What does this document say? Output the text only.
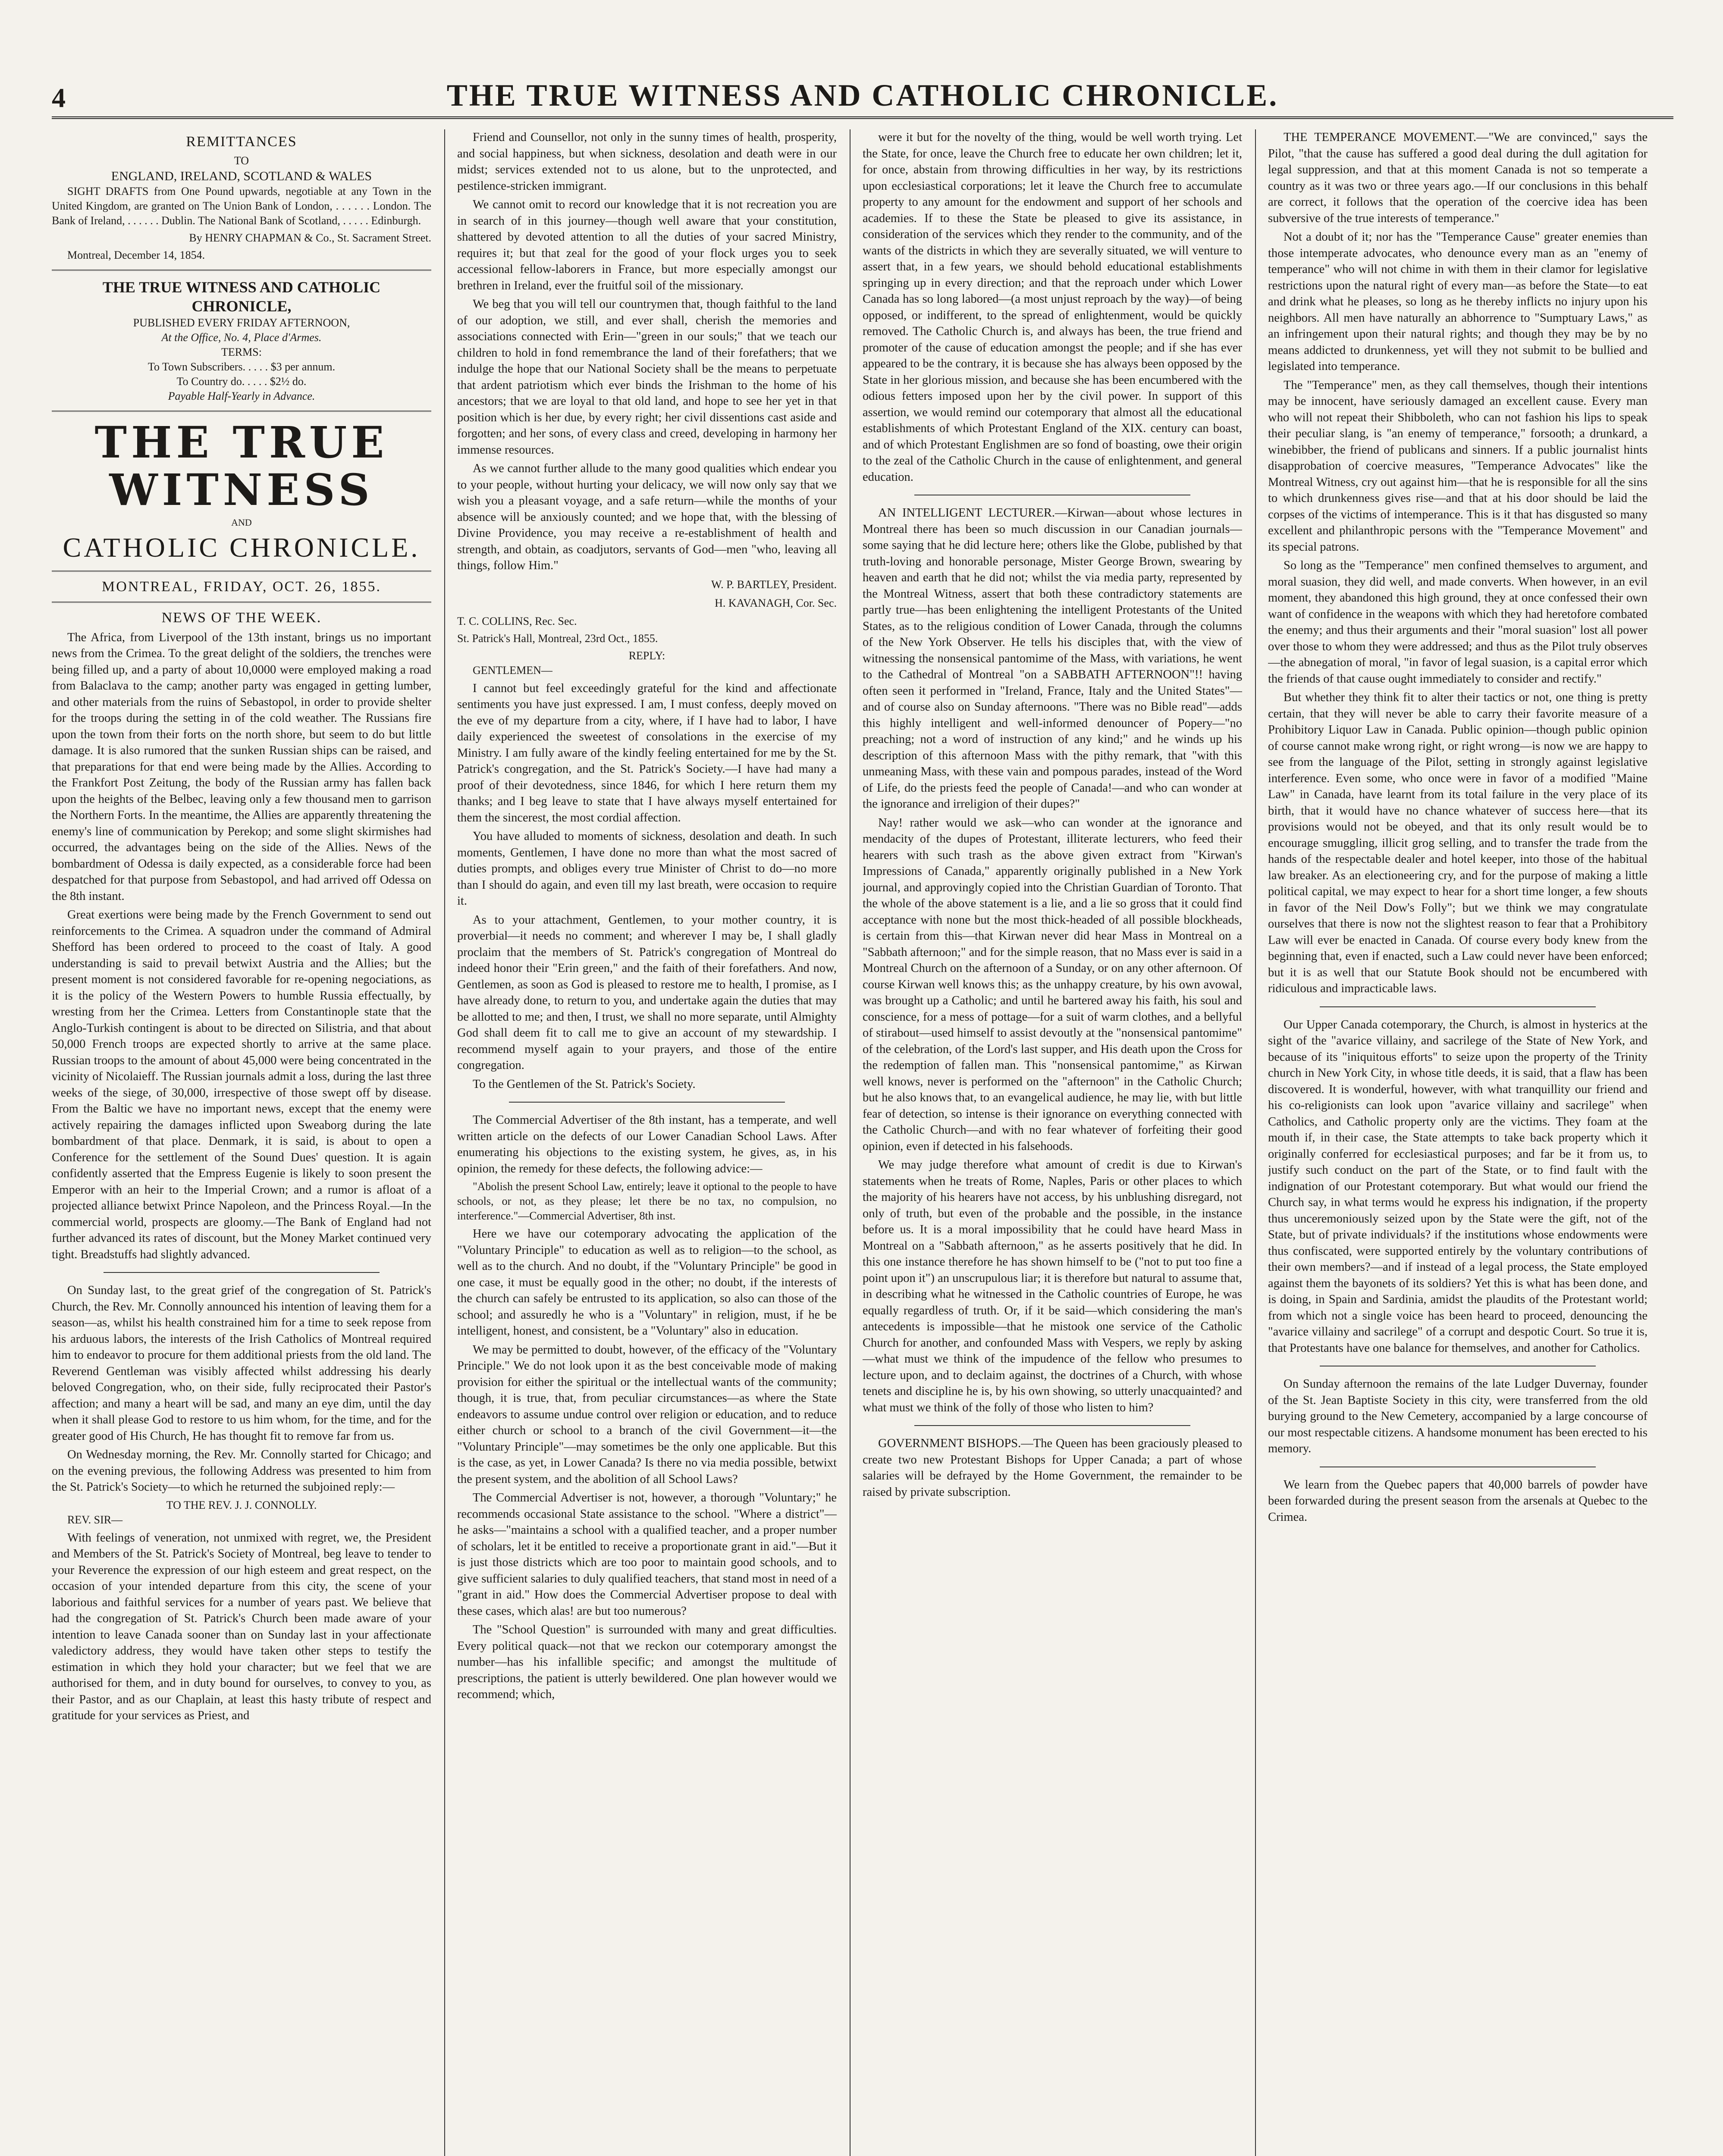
4	THE TRUE WITNESS AND CATHOLIC CHRONICLE.
REMITTANCES
TO
ENGLAND, IRELAND, SCOTLAND & WALES

SIGHT DRAFTS from One Pound upwards, negotiable at any Town in the United Kingdom, are granted on The Union Bank of London, . . . . . . London. The Bank of Ireland, . . . . . . Dublin. The National Bank of Scotland, . . . . . Edinburgh.

By HENRY CHAPMAN & Co., St. Sacrament Street.

Montreal, December 14, 1854.

THE TRUE WITNESS AND CATHOLIC CHRONICLE,
PUBLISHED EVERY FRIDAY AFTERNOON,
At the Office, No. 4, Place d'Armes.
TERMS:
To Town Subscribers. . . . . $3 per annum.
To Country do. . . . . $2½ do.
Payable Half-Yearly in Advance.
THE TRUE WITNESS
AND
CATHOLIC CHRONICLE.
MONTREAL, FRIDAY, OCT. 26, 1855.
NEWS OF THE WEEK.

The Africa, from Liverpool of the 13th instant, brings us no important news from the Crimea. To the great delight of the soldiers, the trenches were being filled up, and a party of about 10,0000 were employed making a road from Balaclava to the camp; another party was engaged in getting lumber, and other materials from the ruins of Sebastopol, in order to provide shelter for the troops during the setting in of the cold weather. The Russians fire upon the town from their forts on the north shore, but seem to do but little damage. It is also rumored that the sunken Russian ships can be raised, and that preparations for that end were being made by the Allies. According to the Frankfort Post Zeitung, the body of the Russian army has fallen back upon the heights of the Belbec, leaving only a few thousand men to garrison the Northern Forts. In the meantime, the Allies are apparently threatening the enemy's line of communication by Perekop; and some slight skirmishes had occurred, the advantages being on the side of the Allies. News of the bombardment of Odessa is daily expected, as a considerable force had been despatched for that purpose from Sebastopol, and had arrived off Odessa on the 8th instant.

Great exertions were being made by the French Government to send out reinforcements to the Crimea. A squadron under the command of Admiral Shefford has been ordered to proceed to the coast of Italy. A good understanding is said to prevail betwixt Austria and the Allies; but the present moment is not considered favorable for re-opening negociations, as it is the policy of the Western Powers to humble Russia effectually, by wresting from her the Crimea. Letters from Constantinople state that the Anglo-Turkish contingent is about to be directed on Silistria, and that about 50,000 French troops are expected shortly to arrive at the same place. Russian troops to the amount of about 45,000 were being concentrated in the vicinity of Nicolaieff. The Russian journals admit a loss, during the last three weeks of the siege, of 30,000, irrespective of those swept off by disease. From the Baltic we have no important news, except that the enemy were actively repairing the damages inflicted upon Sweaborg during the late bombardment of that place. Denmark, it is said, is about to open a Conference for the settlement of the Sound Dues' question. It is again confidently asserted that the Empress Eugenie is likely to soon present the Emperor with an heir to the Imperial Crown; and a rumor is afloat of a projected alliance betwixt Prince Napoleon, and the Princess Royal.—In the commercial world, prospects are gloomy.—The Bank of England had not further advanced its rates of discount, but the Money Market continued very tight. Breadstuffs had slightly advanced.

On Sunday last, to the great grief of the congregation of St. Patrick's Church, the Rev. Mr. Connolly announced his intention of leaving them for a season—as, whilst his health constrained him for a time to seek repose from his arduous labors, the interests of the Irish Catholics of Montreal required him to endeavor to procure for them additional priests from the old land. The Reverend Gentleman was visibly affected whilst addressing his dearly beloved Congregation, who, on their side, fully reciprocated their Pastor's affection; and many a heart will be sad, and many an eye dim, until the day when it shall please God to restore to us him whom, for the time, and for the greater good of His Church, He has thought fit to remove far from us.

On Wednesday morning, the Rev. Mr. Connolly started for Chicago; and on the evening previous, the following Address was presented to him from the St. Patrick's Society—to which he returned the subjoined reply:—

TO THE REV. J. J. CONNOLLY.

REV. SIR—

With feelings of veneration, not unmixed with regret, we, the President and Members of the St. Patrick's Society of Montreal, beg leave to tender to your Reverence the expression of our high esteem and great respect, on the occasion of your intended departure from this city, the scene of your laborious and faithful services for a number of years past. We believe that had the congregation of St. Patrick's Church been made aware of your intention to leave Canada sooner than on Sunday last in your affectionate valedictory address, they would have taken other steps to testify the estimation in which they hold your character; but we feel that we are authorised for them, and in duty bound for ourselves, to convey to you, as their Pastor, and as our Chaplain, at least this hasty tribute of respect and gratitude for your services as Priest, and

Friend and Counsellor, not only in the sunny times of health, prosperity, and social happiness, but when sickness, desolation and death were in our midst; services extended not to us alone, but to the unprotected, and pestilence-stricken immigrant.

We cannot omit to record our knowledge that it is not recreation you are in search of in this journey—though well aware that your constitution, shattered by devoted attention to all the duties of your sacred Ministry, requires it; but that zeal for the good of your flock urges you to seek accessional fellow-laborers in France, but more especially amongst our brethren in Ireland, ever the fruitful soil of the missionary.

We beg that you will tell our countrymen that, though faithful to the land of our adoption, we still, and ever shall, cherish the memories and associations connected with Erin—"green in our souls;" that we teach our children to hold in fond remembrance the land of their forefathers; that we indulge the hope that our National Society shall be the means to perpetuate that ardent patriotism which ever binds the Irishman to the home of his ancestors; that we are loyal to that old land, and hope to see her yet in that position which is her due, by every right; her civil dissentions cast aside and forgotten; and her sons, of every class and creed, developing in harmony her immense resources.

As we cannot further allude to the many good qualities which endear you to your people, without hurting your delicacy, we will now only say that we wish you a pleasant voyage, and a safe return—while the months of your absence will be anxiously counted; and we hope that, with the blessing of Divine Providence, you may receive a re-establishment of health and strength, and obtain, as coadjutors, servants of God—men "who, leaving all things, follow Him."

W. P. BARTLEY, President.

H. KAVANAGH, Cor. Sec.

T. C. COLLINS, Rec. Sec.

St. Patrick's Hall, Montreal, 23rd Oct., 1855.

REPLY:

GENTLEMEN—

I cannot but feel exceedingly grateful for the kind and affectionate sentiments you have just expressed. I am, I must confess, deeply moved on the eve of my departure from a city, where, if I have had to labor, I have daily experienced the sweetest of consolations in the exercise of my Ministry. I am fully aware of the kindly feeling entertained for me by the St. Patrick's congregation, and the St. Patrick's Society.—I have had many a proof of their devotedness, since 1846, for which I here return them my thanks; and I beg leave to state that I have always myself entertained for them the sincerest, the most cordial affection.

You have alluded to moments of sickness, desolation and death. In such moments, Gentlemen, I have done no more than what the most sacred of duties prompts, and obliges every true Minister of Christ to do—no more than I should do again, and even till my last breath, were occasion to require it.

As to your attachment, Gentlemen, to your mother country, it is proverbial—it needs no comment; and wherever I may be, I shall gladly proclaim that the members of St. Patrick's congregation of Montreal do indeed honor their "Erin green," and the faith of their forefathers. And now, Gentlemen, as soon as God is pleased to restore me to health, I promise, as I have already done, to return to you, and undertake again the duties that may be allotted to me; and then, I trust, we shall no more separate, until Almighty God shall deem fit to call me to give an account of my stewardship. I recommend myself again to your prayers, and those of the entire congregation.

To the Gentlemen of the St. Patrick's Society.

The Commercial Advertiser of the 8th instant, has a temperate, and well written article on the defects of our Lower Canadian School Laws. After enumerating his objections to the existing system, he gives, as, in his opinion, the remedy for these defects, the following advice:—

"Abolish the present School Law, entirely; leave it optional to the people to have schools, or not, as they please; let there be no tax, no compulsion, no interference."—Commercial Advertiser, 8th inst.

Here we have our cotemporary advocating the application of the "Voluntary Principle" to education as well as to religion—to the school, as well as to the church. And no doubt, if the "Voluntary Principle" be good in one case, it must be equally good in the other; no doubt, if the interests of the church can safely be entrusted to its application, so also can those of the school; and assuredly he who is a "Voluntary" in religion, must, if he be intelligent, honest, and consistent, be a "Voluntary" also in education.

We may be permitted to doubt, however, of the efficacy of the "Voluntary Principle." We do not look upon it as the best conceivable mode of making provision for either the spiritual or the intellectual wants of the community; though, it is true, that, from peculiar circumstances—as where the State endeavors to assume undue control over religion or education, and to reduce either church or school to a branch of the civil Government—it—the "Voluntary Principle"—may sometimes be the only one applicable. But this is the case, as yet, in Lower Canada? Is there no via media possible, betwixt the present system, and the abolition of all School Laws?

The Commercial Advertiser is not, however, a thorough "Voluntary;" he recommends occasional State assistance to the school. "Where a district"—he asks—"maintains a school with a qualified teacher, and a proper number of scholars, let it be entitled to receive a proportionate grant in aid."—But it is just those districts which are too poor to maintain good schools, and to give sufficient salaries to duly qualified teachers, that stand most in need of a "grant in aid." How does the Commercial Advertiser propose to deal with these cases, which alas! are but too numerous?

The "School Question" is surrounded with many and great difficulties. Every political quack—not that we reckon our cotemporary amongst the number—has his infallible specific; and amongst the multitude of prescriptions, the patient is utterly bewildered. One plan however would we recommend; which,

were it but for the novelty of the thing, would be well worth trying. Let the State, for once, leave the Church free to educate her own children; let it, for once, abstain from throwing difficulties in her way, by its restrictions upon ecclesiastical corporations; let it leave the Church free to accumulate property to any amount for the endowment and support of her schools and academies. If to these the State be pleased to give its assistance, in consideration of the services which they render to the community, and of the wants of the districts in which they are severally situated, we will venture to assert that, in a few years, we should behold educational establishments springing up in every direction; and that the reproach under which Lower Canada has so long labored—(a most unjust reproach by the way)—of being opposed, or indifferent, to the spread of enlightenment, would be quickly removed. The Catholic Church is, and always has been, the true friend and promoter of the cause of education amongst the people; and if she has ever appeared to be the contrary, it is because she has always been opposed by the State in her glorious mission, and because she has been encumbered with the odious fetters imposed upon her by the civil power. In support of this assertion, we would remind our cotemporary that almost all the educational establishments of which Protestant England of the XIX. century can boast, and of which Protestant Englishmen are so fond of boasting, owe their origin to the zeal of the Catholic Church in the cause of enlightenment, and general education.

AN INTELLIGENT LECTURER.—Kirwan—about whose lectures in Montreal there has been so much discussion in our Canadian journals—some saying that he did lecture here; others like the Globe, published by that truth-loving and honorable personage, Mister George Brown, swearing by heaven and earth that he did not; whilst the via media party, represented by the Montreal Witness, assert that both these contradictory statements are partly true—has been enlightening the intelligent Protestants of the United States, as to the religious condition of Lower Canada, through the columns of the New York Observer. He tells his disciples that, with the view of witnessing the nonsensical pantomime of the Mass, with variations, he went to the Cathedral of Montreal "on a SABBATH AFTERNOON"!! having often seen it performed in "Ireland, France, Italy and the United States"—and of course also on Sunday afternoons. "There was no Bible read"—adds this highly intelligent and well-informed denouncer of Popery—"no preaching; not a word of instruction of any kind;" and he winds up his description of this afternoon Mass with the pithy remark, that "with this unmeaning Mass, with these vain and pompous parades, instead of the Word of Life, do the priests feed the people of Canada!—and who can wonder at the ignorance and irreligion of their dupes?"

Nay! rather would we ask—who can wonder at the ignorance and mendacity of the dupes of Protestant, illiterate lecturers, who feed their hearers with such trash as the above given extract from "Kirwan's Impressions of Canada," apparently originally published in a New York journal, and approvingly copied into the Christian Guardian of Toronto. That the whole of the above statement is a lie, and a lie so gross that it could find acceptance with none but the most thick-headed of all possible blockheads, is certain from this—that Kirwan never did hear Mass in Montreal on a "Sabbath afternoon;" and for the simple reason, that no Mass ever is said in a Montreal Church on the afternoon of a Sunday, or on any other afternoon. Of course Kirwan well knows this; as the unhappy creature, by his own avowal, was brought up a Catholic; and until he bartered away his faith, his soul and conscience, for a mess of pottage—for a suit of warm clothes, and a bellyful of stirabout—used himself to assist devoutly at the "nonsensical pantomime" of the celebration, of the Lord's last supper, and His death upon the Cross for the redemption of fallen man. This "nonsensical pantomime," as Kirwan well knows, never is performed on the "afternoon" in the Catholic Church; but he also knows that, to an evangelical audience, he may lie, with but little fear of detection, so intense is their ignorance on everything connected with the Catholic Church—and with no fear whatever of forfeiting their good opinion, even if detected in his falsehoods.

We may judge therefore what amount of credit is due to Kirwan's statements when he treats of Rome, Naples, Paris or other places to which the majority of his hearers have not access, by his unblushing disregard, not only of truth, but even of the probable and the possible, in the instance before us. It is a moral impossibility that he could have heard Mass in Montreal on a "Sabbath afternoon," as he asserts positively that he did. In this one instance therefore he has shown himself to be ("not to put too fine a point upon it") an unscrupulous liar; it is therefore but natural to assume that, in describing what he witnessed in the Catholic countries of Europe, he was equally regardless of truth. Or, if it be said—which considering the man's antecedents is impossible—that he mistook one service of the Catholic Church for another, and confounded Mass with Vespers, we reply by asking—what must we think of the impudence of the fellow who presumes to lecture upon, and to declaim against, the doctrines of a Church, with whose tenets and discipline he is, by his own showing, so utterly unacquainted? and what must we think of the folly of those who listen to him?

GOVERNMENT BISHOPS.—The Queen has been graciously pleased to create two new Protestant Bishops for Upper Canada; a part of whose salaries will be defrayed by the Home Government, the remainder to be raised by private subscription.

THE TEMPERANCE MOVEMENT.—"We are convinced," says the Pilot, "that the cause has suffered a good deal during the dull agitation for legal suppression, and that at this moment Canada is not so temperate a country as it was two or three years ago.—If our conclusions in this behalf are correct, it follows that the operation of the coercive idea has been subversive of the true interests of temperance."

Not a doubt of it; nor has the "Temperance Cause" greater enemies than those intemperate advocates, who denounce every man as an "enemy of temperance" who will not chime in with them in their clamor for legislative restrictions upon the natural right of every man—as before the State—to eat and drink what he pleases, so long as he thereby inflicts no injury upon his neighbors. All men have naturally an abhorrence to "Sumptuary Laws," as an infringement upon their natural rights; and though they may be by no means addicted to drunkenness, yet will they not submit to be bullied and legislated into temperance.

The "Temperance" men, as they call themselves, though their intentions may be innocent, have seriously damaged an excellent cause. Every man who will not repeat their Shibboleth, who can not fashion his lips to speak their peculiar slang, is "an enemy of temperance," forsooth; a drunkard, a winebibber, the friend of publicans and sinners. If a public journalist hints disapprobation of coercive measures, "Temperance Advocates" like the Montreal Witness, cry out against him—that he is responsible for all the sins to which drunkenness gives rise—and that at his door should be laid the corpses of the victims of intemperance. This is it that has disgusted so many excellent and philanthropic persons with the "Temperance Movement" and its special patrons.

So long as the "Temperance" men confined themselves to argument, and moral suasion, they did well, and made converts. When however, in an evil moment, they abandoned this high ground, they at once confessed their own want of confidence in the weapons with which they had heretofore combated the enemy; and thus their arguments and their "moral suasion" lost all power over those to whom they were addressed; and thus as the Pilot truly observes—the abnegation of moral, "in favor of legal suasion, is a capital error which the friends of that cause ought immediately to consider and rectify."

But whether they think fit to alter their tactics or not, one thing is pretty certain, that they will never be able to carry their favorite measure of a Prohibitory Liquor Law in Canada. Public opinion—though public opinion of course cannot make wrong right, or right wrong—is now we are happy to see from the language of the Pilot, setting in strongly against legislative interference. Even some, who once were in favor of a modified "Maine Law" in Canada, have learnt from its total failure in the very place of its birth, that it would have no chance whatever of success here—that its provisions would not be obeyed, and that its only result would be to encourage smuggling, illicit grog selling, and to transfer the trade from the hands of the respectable dealer and hotel keeper, into those of the habitual law breaker. As an electioneering cry, and for the purpose of making a little political capital, we may expect to hear for a short time longer, a few shouts in favor of the Neil Dow's Folly"; but we think we may congratulate ourselves that there is now not the slightest reason to fear that a Prohibitory Law will ever be enacted in Canada. Of course every body knew from the beginning that, even if enacted, such a Law could never have been enforced; but it is as well that our Statute Book should not be encumbered with ridiculous and impracticable laws.

Our Upper Canada cotemporary, the Church, is almost in hysterics at the sight of the "avarice villainy, and sacrilege of the State of New York, and because of its "iniquitous efforts" to seize upon the property of the Trinity church in New York City, in whose title deeds, it is said, that a flaw has been discovered. It is wonderful, however, with what tranquillity our friend and his co-religionists can look upon "avarice villainy and sacrilege" when Catholics, and Catholic property only are the victims. They foam at the mouth if, in their case, the State attempts to take back property which it originally conferred for ecclesiastical purposes; and far be it from us, to justify such conduct on the part of the State, or to find fault with the indignation of our Protestant cotemporary. But what would our friend the Church say, in what terms would he express his indignation, if the property thus unceremoniously seized upon by the State were the gift, not of the State, but of private individuals? if the institutions whose endowments were thus confiscated, were supported entirely by the voluntary contributions of their own members?—and if instead of a legal process, the State employed against them the bayonets of its soldiers? Yet this is what has been done, and is doing, in Spain and Sardinia, amidst the plaudits of the Protestant world; from which not a single voice has been heard to proceed, denouncing the "avarice villainy and sacrilege" of a corrupt and despotic Court. So true it is, that Protestants have one balance for themselves, and another for Catholics.

On Sunday afternoon the remains of the late Ludger Duvernay, founder of the St. Jean Baptiste Society in this city, were transferred from the old burying ground to the New Cemetery, accompanied by a large concourse of our most respectable citizens. A handsome monument has been erected to his memory.

We learn from the Quebec papers that 40,000 barrels of powder have been forwarded during the present season from the arsenals at Quebec to the Crimea.
